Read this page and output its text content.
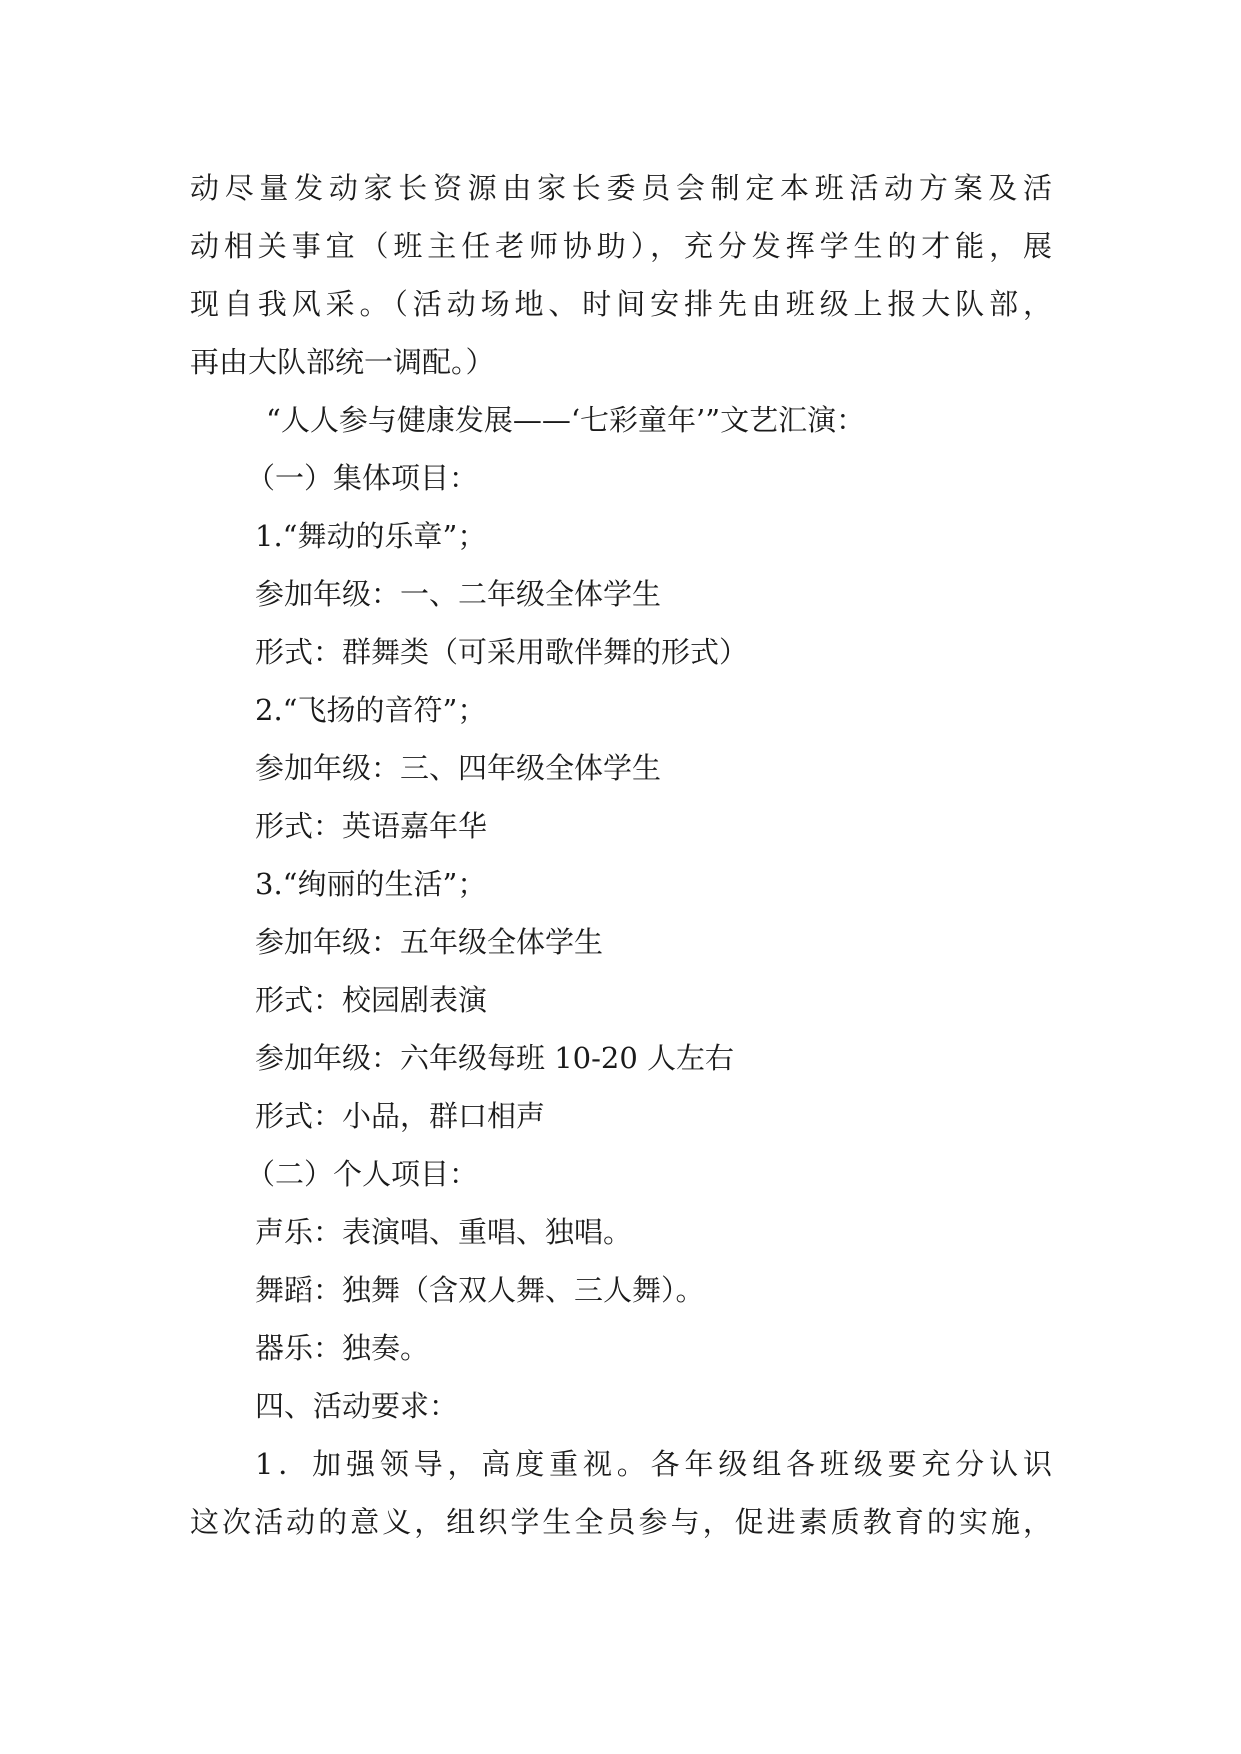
动尽量发动家长资源由家长委员会制定本班活动方案及活
动相关事宜（班主任老师协助），充分发挥学生的才能，展
现自我风采。（活动场地、时间安排先由班级上报大队部，
再由大队部统一调配。）
“人人参与健康发展——‘七彩童年’”文艺汇演：
（一）集体项目：
1.“舞动的乐章”；
参加年级：一、二年级全体学生
形式：群舞类（可采用歌伴舞的形式）
2.“飞扬的音符”；
参加年级：三、四年级全体学生
形式：英语嘉年华
3.“绚丽的生活”；
参加年级：五年级全体学生
形式：校园剧表演
参加年级：六年级每班 10-20 人左右
形式：小品，群口相声
（二）个人项目：
声乐：表演唱、重唱、独唱。
舞蹈：独舞（含双人舞、三人舞）。
器乐：独奏。
四、活动要求：
1．加强领导，高度重视。各年级组各班级要充分认识
这次活动的意义，组织学生全员参与，促进素质教育的实施，
